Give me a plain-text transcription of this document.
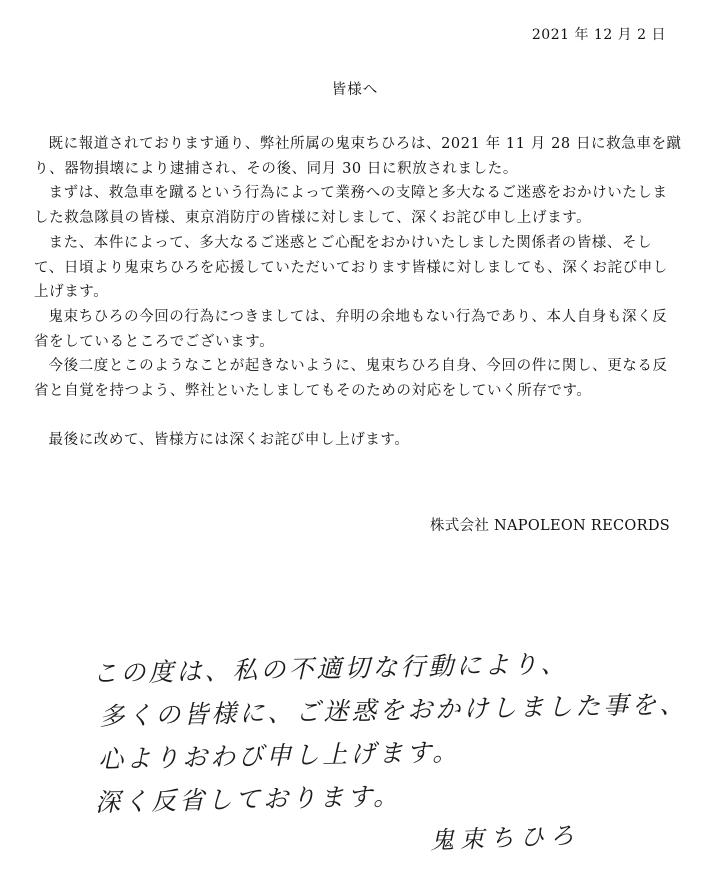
2021 年 12 月 2 日
皆様へ

既に報道されております通り、弊社所属の鬼束ちひろは、2021 年 11 月 28 日に救急車を蹴り、器物損壊により逮捕され、その後、同月 30 日に釈放されました。

まずは、救急車を蹴るという行為によって業務への支障と多大なるご迷惑をおかけいたしました救急隊員の皆様、東京消防庁の皆様に対しまして、深くお詫び申し上げます。

また、本件によって、多大なるご迷惑とご心配をおかけいたしました関係者の皆様、そして、日頃より鬼束ちひろを応援していただいております皆様に対しましても、深くお詫び申し上げます。

鬼束ちひろの今回の行為につきましては、弁明の余地もない行為であり、本人自身も深く反省をしているところでございます。

今後二度とこのようなことが起きないように、鬼束ちひろ自身、今回の件に関し、更なる反省と自覚を持つよう、弊社といたしましてもそのための対応をしていく所存です。

最後に改めて、皆様方には深くお詫び申し上げます。

株式会社 NAPOLEON RECORDS
この度は、私の不適切な行動により、
多くの皆様に、ご迷惑をおかけしました事を、
心よりおわび申し上げます。
深く反省しております。
鬼束ちひろ
